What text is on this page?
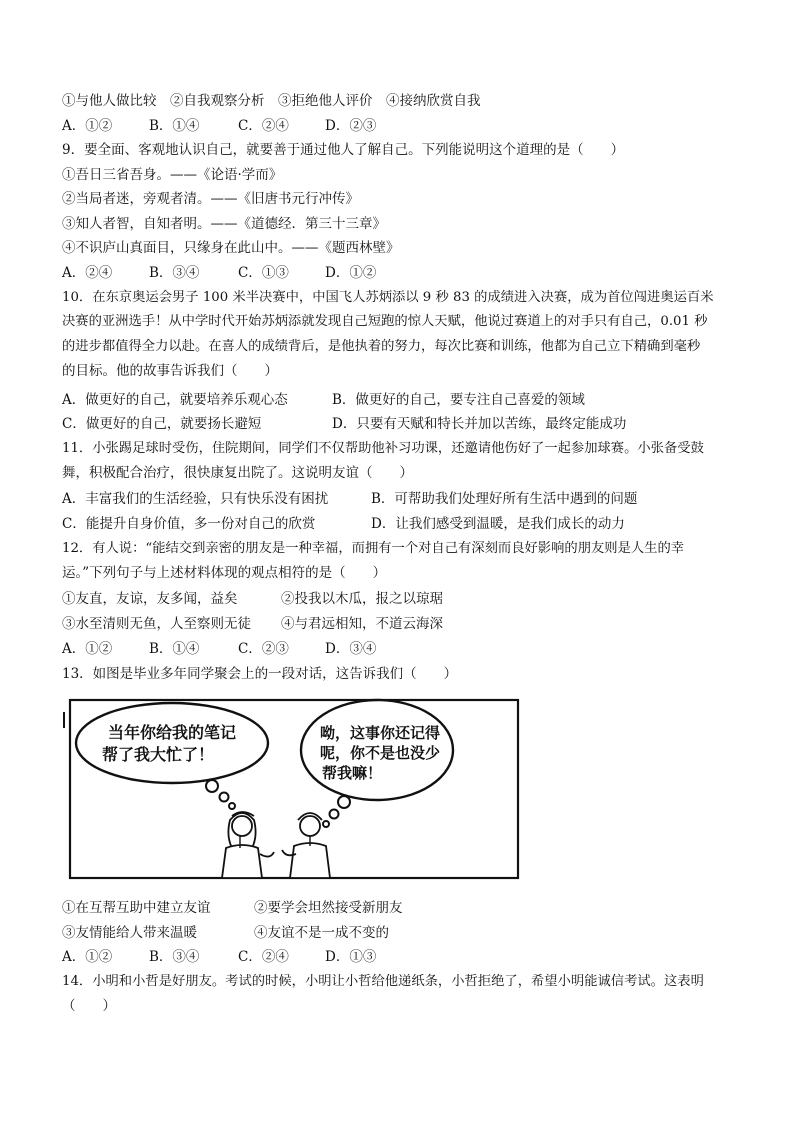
①与他人做比较　②自我观察分析　③拒绝他人评价　④接纳欣赏自我
A．①②	B．①④	C．②④	D．②③
9．要全面、客观地认识自己，就要善于通过他人了解自己。下列能说明这个道理的是（　　）
①吾日三省吾身。——《论语·学而》
②当局者迷，旁观者清。——《旧唐书元行冲传》
③知人者智，自知者明。——《道德经．第三十三章》
④不识庐山真面目，只缘身在此山中。——《题西林壁》
A．②④	B．③④	C．①③	D．①②
10．在东京奥运会男子 100 米半决赛中，中国飞人苏炳添以 9 秒 83 的成绩进入决赛，成为首位闯进奥运百米
决赛的亚洲选手！从中学时代开始苏炳添就发现自己短跑的惊人天赋，他说过赛道上的对手只有自己，0.01 秒
的进步都值得全力以赴。在喜人的成绩背后，是他执着的努力，每次比赛和训练，他都为自己立下精确到毫秒
的目标。他的故事告诉我们（　　）
A．做更好的自己，就要培养乐观心态	B．做更好的自己，要专注自己喜爱的领域
C．做更好的自己，就要扬长避短	D．只要有天赋和特长并加以苦练，最终定能成功
11．小张踢足球时受伤，住院期间，同学们不仅帮助他补习功课，还邀请他伤好了一起参加球赛。小张备受鼓
舞，积极配合治疗，很快康复出院了。这说明友谊（　　）
A．丰富我们的生活经验，只有快乐没有困扰	B．可帮助我们处理好所有生活中遇到的问题
C．能提升自身价值，多一份对自己的欣赏	D．让我们感受到温暖，是我们成长的动力
12．有人说：“能结交到亲密的朋友是一种幸福，而拥有一个对自己有深刻而良好影响的朋友则是人生的幸
运。”下列句子与上述材料体现的观点相符的是（　　）
①友直，友谅，友多闻，益矣	②投我以木瓜，报之以琼琚
③水至清则无鱼，人至察则无徒 ④与君远相知，不道云海深
A．①②	B．①④	C．②③	D．③④
13．如图是毕业多年同学聚会上的一段对话，这告诉我们（　　）
当年你给我的笔记
帮了我大忙了！
呦，这事你还记得
呢，你不是也没少
帮我嘛！
①在互帮互助中建立友谊	②要学会坦然接受新朋友
③友情能给人带来温暖	④友谊不是一成不变的
A．①②	B．③④	C．②④	D．①③
14．小明和小哲是好朋友。考试的时候，小明让小哲给他递纸条，小哲拒绝了，希望小明能诚信考试。这表明
（　　）
